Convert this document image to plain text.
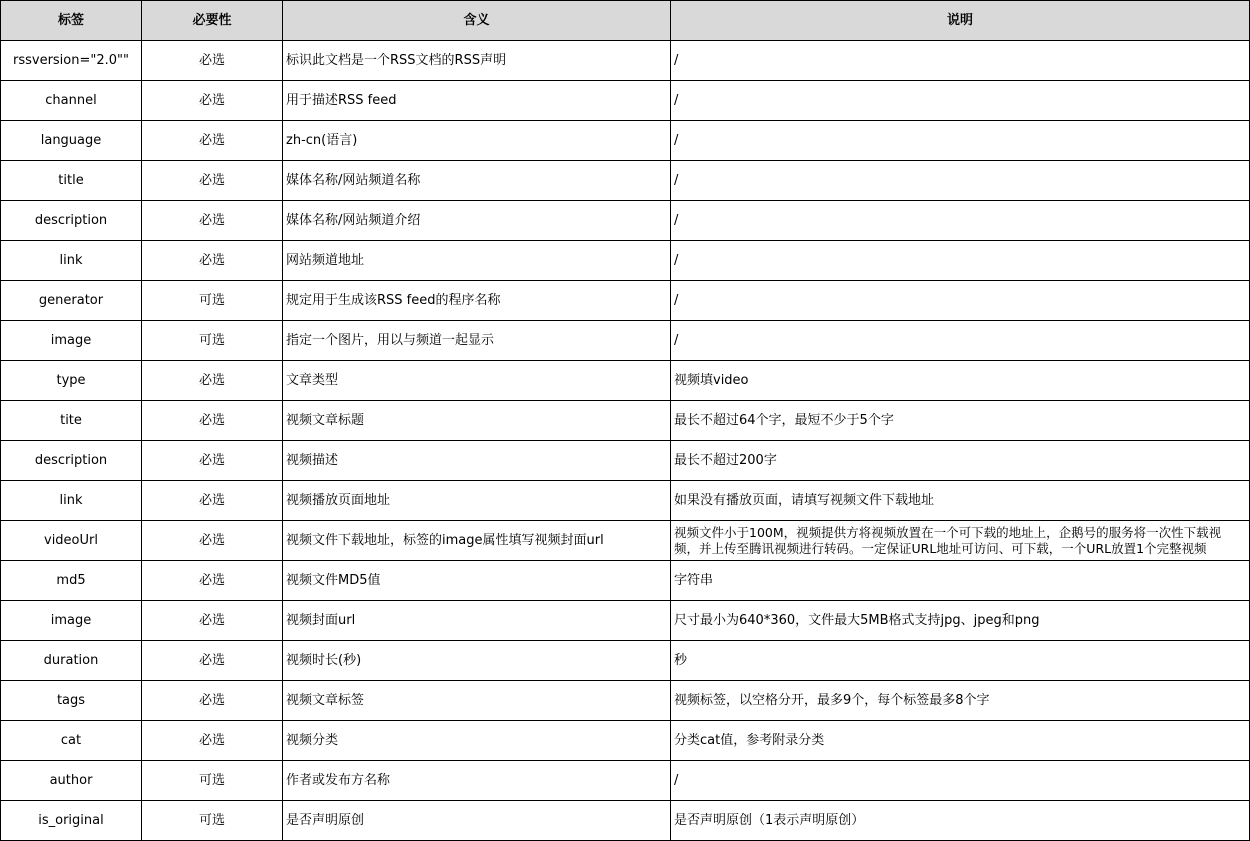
标签	必要性	含义	说明
rssversion="2.0""	必选	标识此文档是一个RSS文档的RSS声明	/
channel	必选	用于描述RSS feed	/
language	必选	zh-cn(语言)	/
title	必选	媒体名称/网站频道名称	/
description	必选	媒体名称/网站频道介绍	/
link	必选	网站频道地址	/
generator	可选	规定用于生成该RSS feed的程序名称	/
image	可选	指定一个图片，用以与频道一起显示	/
type	必选	文章类型	视频填video
tite	必选	视频文章标题	最长不超过64个字，最短不少于5个字
description	必选	视频描述	最长不超过200字
link	必选	视频播放页面地址	如果没有播放页面，请填写视频文件下载地址
videoUrl	必选	视频文件下载地址，标签的image属性填写视频封面url	视频文件小于100M，视频提供方将视频放置在一个可下载的地址上，企鹅号的服务将一次性下载视频，并上传至腾讯视频进行转码。一定保证URL地址可访问、可下载，一个URL放置1个完整视频
md5	必选	视频文件MD5值	字符串
image	必选	视频封面url	尺寸最小为640*360，文件最大5MB格式支持jpg、jpeg和png
duration	必选	视频时长(秒)	秒
tags	必选	视频文章标签	视频标签，以空格分开，最多9个，每个标签最多8个字
cat	必选	视频分类	分类cat值，参考附录分类
author	可选	作者或发布方名称	/
is_original	可选	是否声明原创	是否声明原创（1表示声明原创）
